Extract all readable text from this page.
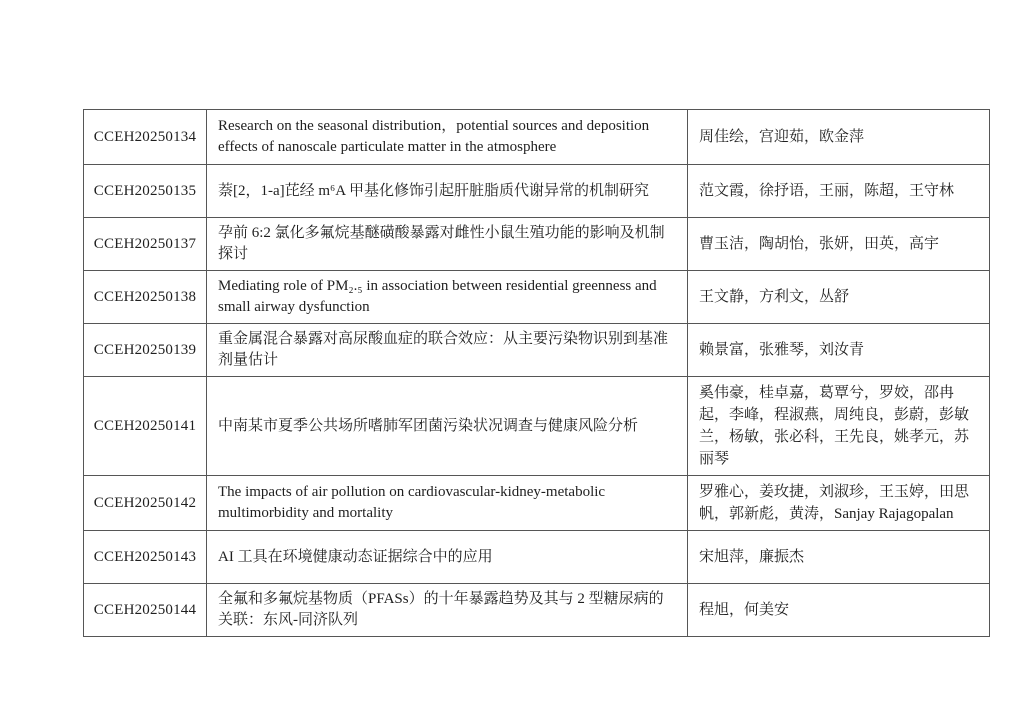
CCEH20250134	Research on the seasonal distribution，potential sources and deposition effects of nanoscale particulate matter in the atmosphere	周佳绘，宫迎茹，欧金萍
CCEH20250135	萘[2，1-a]芘经 m⁶A 甲基化修饰引起肝脏脂质代谢异常的机制研究	范文霞，徐抒语，王丽，陈超，王守林
CCEH20250137	孕前 6:2 氯化多氟烷基醚磺酸暴露对雌性小鼠生殖功能的影响及机制探讨	曹玉洁，陶胡怡，张妍，田英，高宇
CCEH20250138	Mediating role of PM₂.₅ in association between residential greenness and small airway dysfunction	王文静，方利文，丛舒
CCEH20250139	重金属混合暴露对高尿酸血症的联合效应：从主要污染物识别到基准剂量估计	赖景富，张雅琴，刘汝青
CCEH20250141	中南某市夏季公共场所嗜肺军团菌污染状况调查与健康风险分析	奚伟豪，桂卓嘉，葛覃兮，罗姣，邵冉起，李峰，程淑燕，周纯良，彭蔚，彭敏兰，杨敏，张必科，王先良，姚孝元，苏丽琴
CCEH20250142	The impacts of air pollution on cardiovascular-kidney-metabolic multimorbidity and mortality	罗雅心，姜玫捷，刘淑珍，王玉婷，田思帆，郭新彪，黄涛，Sanjay Rajagopalan
CCEH20250143	AI 工具在环境健康动态证据综合中的应用	宋旭萍，廉振杰
CCEH20250144	全氟和多氟烷基物质（PFASs）的十年暴露趋势及其与 2 型糖尿病的关联：东风-同济队列	程旭，何美安
